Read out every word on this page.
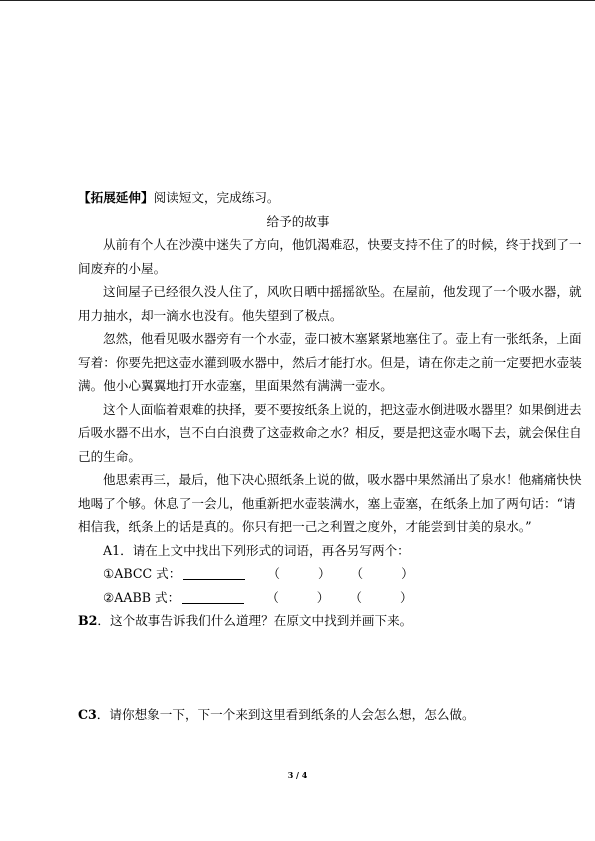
【拓展延伸】阅读短文，完成练习。
给予的故事
从前有个人在沙漠中迷失了方向，他饥渴难忍，快要支持不住了的时候，终于找到了一
间废弃的小屋。
这间屋子已经很久没人住了，风吹日晒中摇摇欲坠。在屋前，他发现了一个吸水器，就
用力抽水，却一滴水也没有。他失望到了极点。
忽然，他看见吸水器旁有一个水壶，壶口被木塞紧紧地塞住了。壶上有一张纸条，上面
写着：你要先把这壶水灌到吸水器中，然后才能打水。但是，请在你走之前一定要把水壶装
满。他小心翼翼地打开水壶塞，里面果然有满满一壶水。
这个人面临着艰难的抉择，要不要按纸条上说的，把这壶水倒进吸水器里？如果倒进去
后吸水器不出水，岂不白白浪费了这壶救命之水？相反，要是把这壶水喝下去，就会保住自
己的生命。
他思索再三，最后，他下决心照纸条上说的做，吸水器中果然涌出了泉水！他痛痛快快
地喝了个够。休息了一会儿，他重新把水壶装满水，塞上壶塞，在纸条上加了两句话：“请
相信我，纸条上的话是真的。你只有把一己之利置之度外，才能尝到甘美的泉水。”
A1．请在上文中找出下列形式的词语，再各另写两个：
①ABCC 式：	（	） （	）
②AABB 式：	（	） （	）
B2．这个故事告诉我们什么道理？在原文中找到并画下来。
C3．请你想象一下，下一个来到这里看到纸条的人会怎么想，怎么做。
3 / 4
